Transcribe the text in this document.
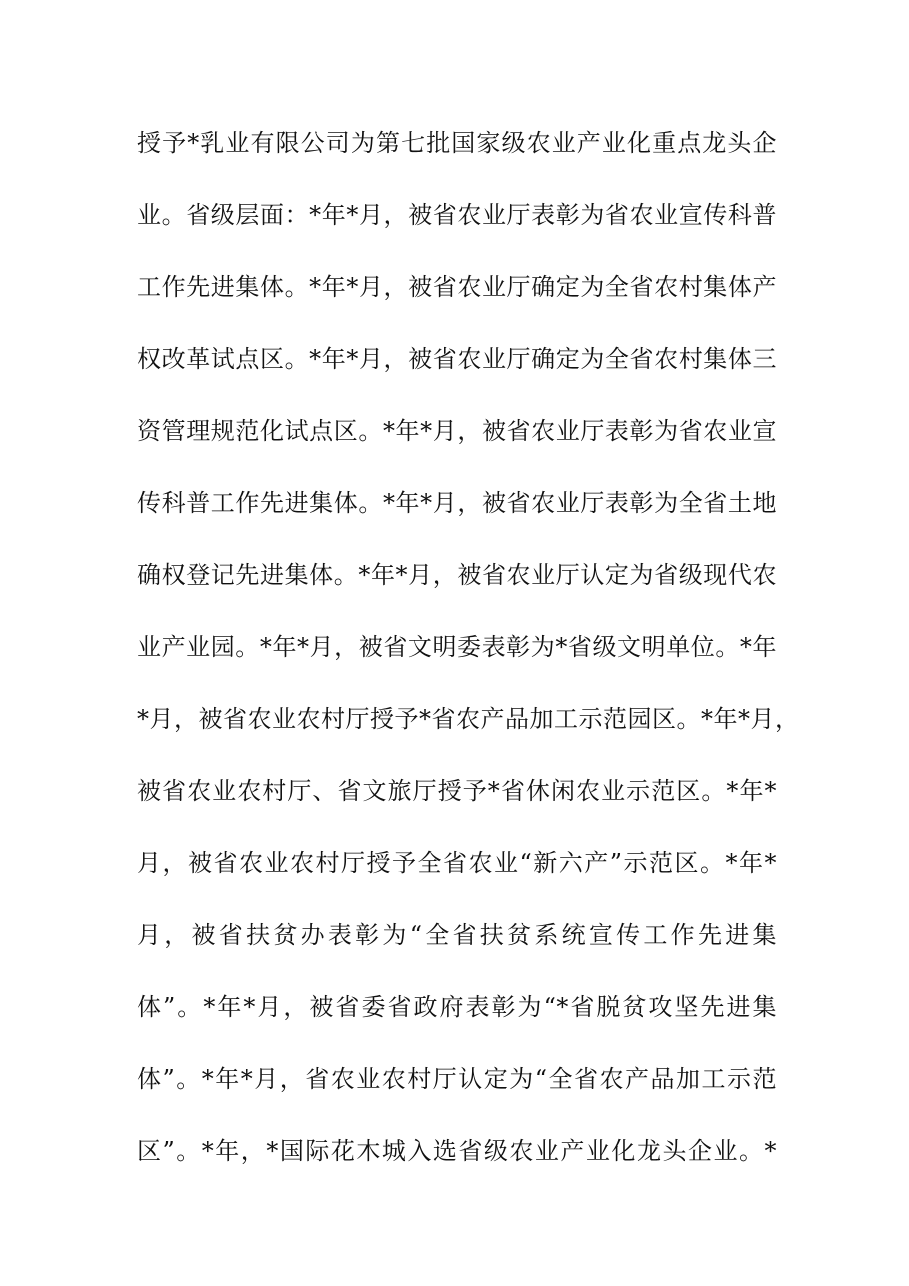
授予*乳业有限公司为第七批国家级农业产业化重点龙头企
业。省级层面：*年*月，被省农业厅表彰为省农业宣传科普
工作先进集体。*年*月，被省农业厅确定为全省农村集体产
权改革试点区。*年*月，被省农业厅确定为全省农村集体三
资管理规范化试点区。*年*月，被省农业厅表彰为省农业宣
传科普工作先进集体。*年*月，被省农业厅表彰为全省土地
确权登记先进集体。*年*月，被省农业厅认定为省级现代农
业产业园。*年*月，被省文明委表彰为*省级文明单位。*年
*月，被省农业农村厅授予*省农产品加工示范园区。*年*月，
被省农业农村厅、省文旅厅授予*省休闲农业示范区。*年*
月，被省农业农村厅授予全省农业“新六产”示范区。*年*
月，被省扶贫办表彰为“全省扶贫系统宣传工作先进集
体”。*年*月，被省委省政府表彰为“*省脱贫攻坚先进集
体”。*年*月，省农业农村厅认定为“全省农产品加工示范
区”。*年，*国际花木城入选省级农业产业化龙头企业。*
